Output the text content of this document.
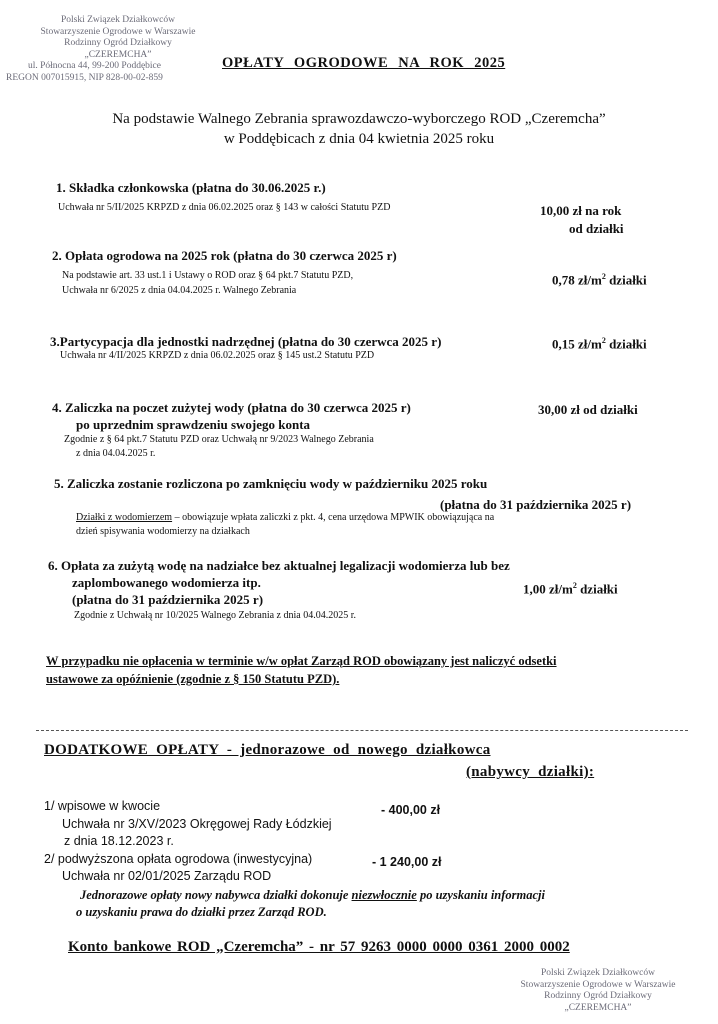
Polski Związek Działkowców
Stowarzyszenie Ogrodowe w Warszawie
Rodzinny Ogród Działkowy
„CZEREMCHA”
ul. Północna 44, 99-200 Poddębice
REGON 007015915, NIP 828-00-02-859
OPŁATY OGRODOWE NA ROK 2025
Na podstawie Walnego Zebrania sprawozdawczo-wyborczego ROD „Czeremcha”
w Poddębicach z dnia 04 kwietnia 2025 roku
1. Składka członkowska (płatna do 30.06.2025 r.)
Uchwała nr 5/II/2025 KRPZD z dnia 06.02.2025 oraz § 143 w całości Statutu PZD	10,00 zł na rok
od działki
2. Opłata ogrodowa na 2025 rok (płatna do 30 czerwca 2025 r)
Na podstawie art. 33 ust.1 i Ustawy o ROD oraz § 64 pkt.7 Statutu PZD,
Uchwała nr 6/2025 z dnia 04.04.2025 r. Walnego Zebrania
0,78 $zł/m^2$ działki
3.Partycypacja dla jednostki nadrzędnej (płatna do 30 czerwca 2025 r)
Uchwała nr 4/II/2025 KRPZD z dnia 06.02.2025 oraz § 145 ust.2 Statutu PZD
0,15 $zł/m^2$ działki
4. Zaliczka na poczet zużytej wody (płatna do 30 czerwca 2025 r)
po uprzednim sprawdzeniu swojego konta
Zgodnie z § 64 pkt.7 Statutu PZD oraz Uchwałą nr 9/2023 Walnego Zebrania
z dnia 04.04.2025 r.
30,00 zł od działki
5. Zaliczka zostanie rozliczona po zamknięciu wody w październiku 2025 roku
(płatna do 31 października 2025 r)
Działki z wodomierzem – obowiązuje wpłata zaliczki z pkt. 4, cena urzędowa MPWIK obowiązująca na
dzień spisywania wodomierzy na działkach
6. Opłata za zużytą wodę na nadziałce bez aktualnej legalizacji wodomierza lub bez
zaplombowanego wodomierza itp.
(płatna do 31 października 2025 r)
Zgodnie z Uchwałą nr 10/2025 Walnego Zebrania z dnia 04.04.2025 r.
1,00 $zł/m^2$ działki
W przypadku nie opłacenia w terminie w/w opłat Zarząd ROD obowiązany jest naliczyć odsetki
ustawowe za opóźnienie (zgodnie z § 150 Statutu PZD).
DODATKOWE OPŁATY - jednorazowe od nowego działkowca
(nabywcy działki):
1/ wpisowe w kwocie	- 400,00 zł
Uchwała nr 3/XV/2023 Okręgowej Rady Łódzkiej
z dnia 18.12.2023 r.
2/ podwyższona opłata ogrodowa (inwestycyjna)	- 1 240,00 zł
Uchwała nr 02/01/2025 Zarządu ROD
Jednorazowe opłaty nowy nabywca działki dokonuje niezwłocznie po uzyskaniu informacji
o uzyskaniu prawa do działki przez Zarząd ROD.
Konto bankowe ROD „Czeremcha” - nr 57 9263 0000 0000 0361 2000 0002
Polski Związek Działkowców
Stowarzyszenie Ogrodowe w Warszawie
Rodzinny Ogród Działkowy
„CZEREMCHA”
